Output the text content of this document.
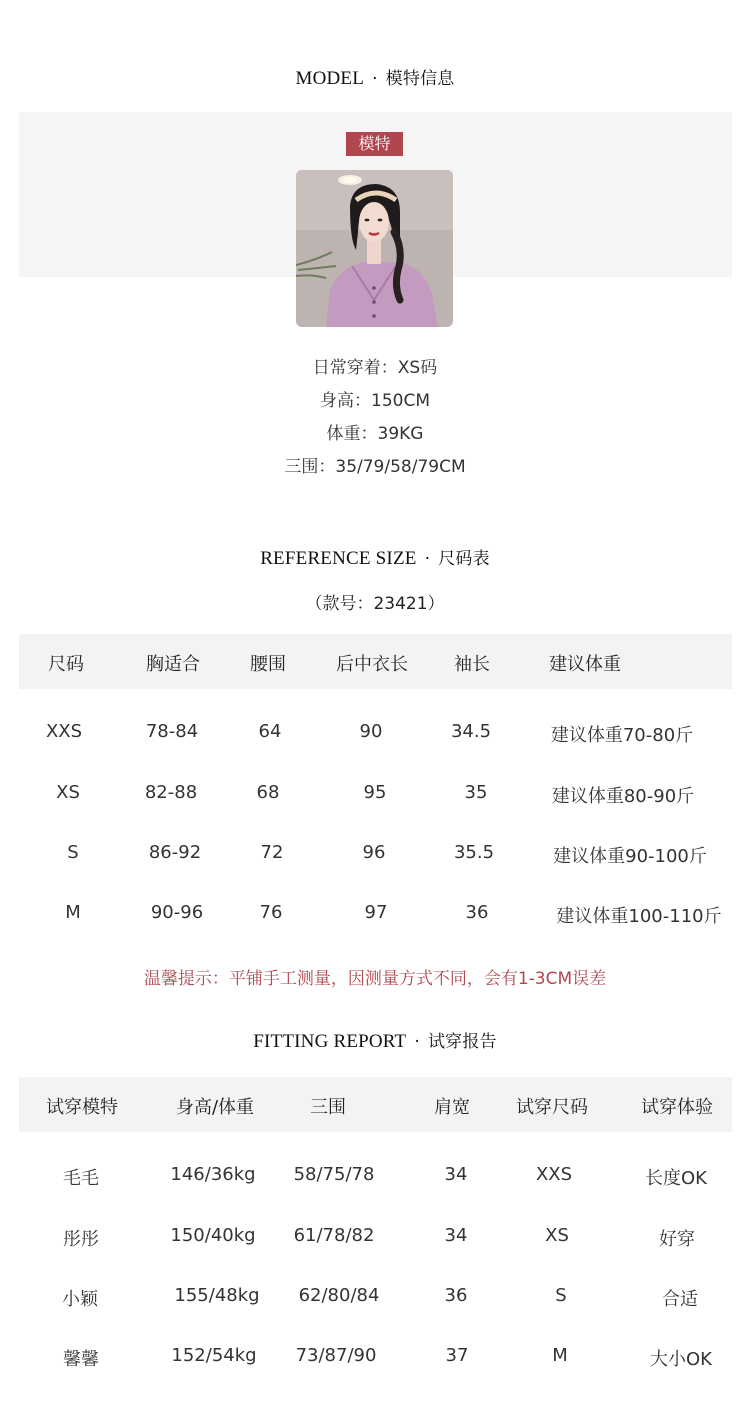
MODEL · 模特信息
模特
日常穿着：XS码
身高：150CM
体重：39KG
三围：35/79/58/79CM
REFERENCE SIZE · 尺码表
（款号：23421）
尺码	胸适合	腰围	后中衣长	袖长	建议体重
XXS	78-84	64	90	34.5	建议体重70-80斤
XS	82-88	68	95	35	建议体重80-90斤
S	86-92	72	96	35.5	建议体重90-100斤
M	90-96	76	97	36	建议体重100-110斤
温馨提示：平铺手工测量，因测量方式不同，会有1-3CM误差
FITTING REPORT · 试穿报告
试穿模特	身高/体重	三围	肩宽	试穿尺码	试穿体验
毛毛	146/36kg 58/75/78	34	XXS	长度OK
彤彤	150/40kg 61/78/82	34	XS	好穿
小颖	155/48kg 62/80/84	36	S	合适
馨馨	152/54kg 73/87/90	37	M	大小OK
